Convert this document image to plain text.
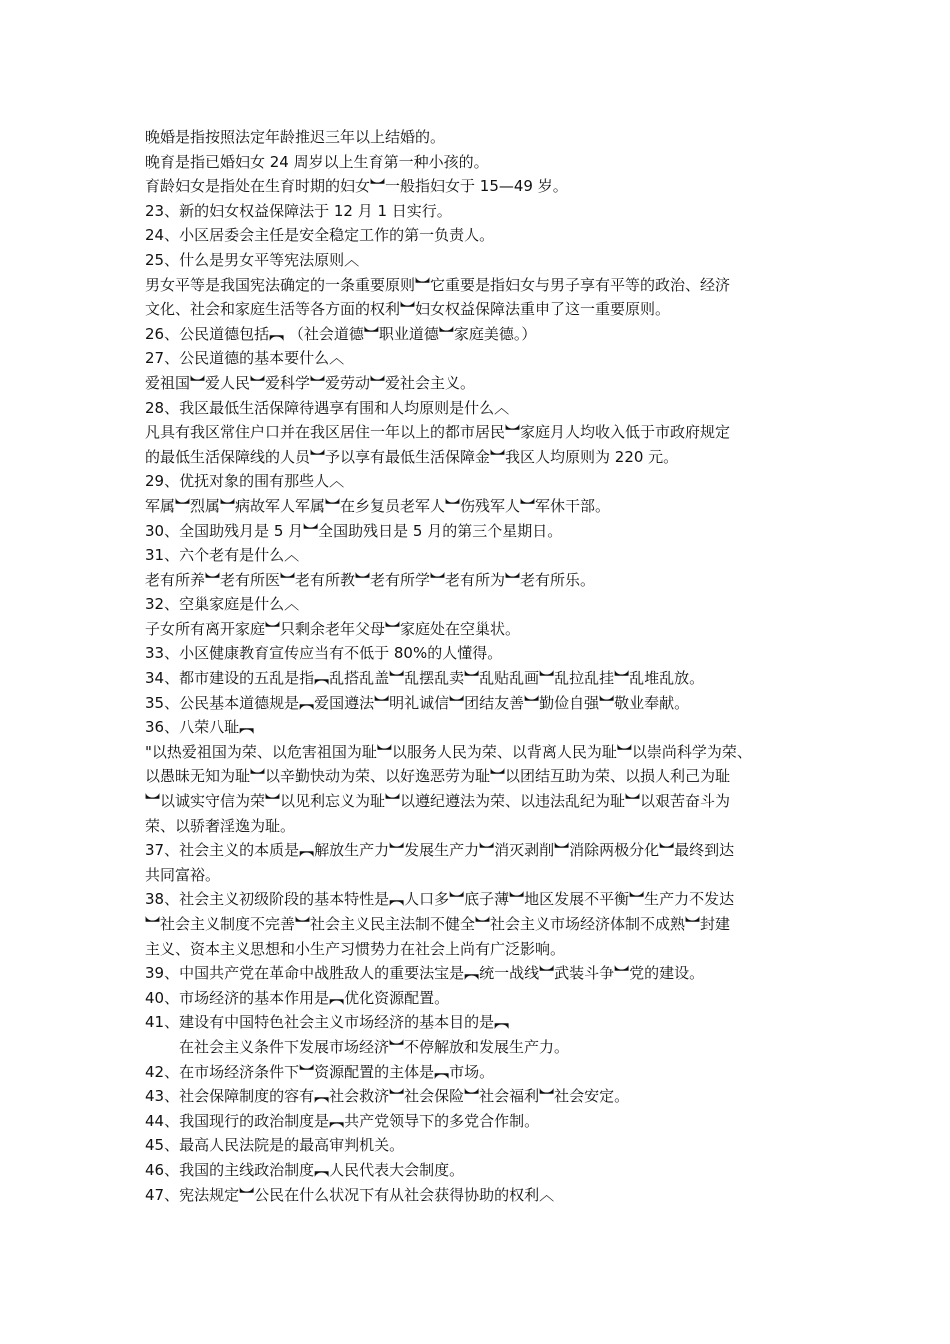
晚婚是指按照法定年龄推迟三年以上结婚的。
晚育是指已婚妇女 24 周岁以上生育第一种小孩的。
育龄妇女是指处在生育时期的妇女︼一般指妇女于 15—49 岁。
23、新的妇女权益保障法于 12 月 1 日实行。
24、小区居委会主任是安全稳定工作的第一负责人。
25、什么是男女平等宪法原则︿
男女平等是我国宪法确定的一条重要原则︼它重要是指妇女与男子享有平等的政治、经济
文化、社会和家庭生活等各方面的权利︼妇女权益保障法重申了这一重要原则。
26、公民道德包括︻ （社会道德︼职业道德︼家庭美德。）
27、公民道德的基本要什么︿
爱祖国︼爱人民︼爱科学︼爱劳动︼爱社会主义。
28、我区最低生活保障待遇享有围和人均原则是什么︿
凡具有我区常住户口并在我区居住一年以上的都市居民︼家庭月人均收入低于市政府规定
的最低生活保障线的人员︼予以享有最低生活保障金︼我区人均原则为 220 元。
29、优抚对象的围有那些人︿
军属︼烈属︼病故军人军属︼在乡复员老军人︼伤残军人︼军休干部。
30、全国助残月是 5 月︼全国助残日是 5 月的第三个星期日。
31、六个老有是什么︿
老有所养︼老有所医︼老有所教︼老有所学︼老有所为︼老有所乐。
32、空巢家庭是什么︿
子女所有离开家庭︼只剩余老年父母︼家庭处在空巢状。
33、小区健康教育宣传应当有不低于 80%的人懂得。
34、都市建设的五乱是指︻乱搭乱盖︼乱摆乱卖︼乱贴乱画︼乱拉乱挂︼乱堆乱放。
35、公民基本道德规是︻爱国遵法︼明礼诚信︼团结友善︼勤俭自强︼敬业奉献。
36、八荣八耻︻
"以热爱祖国为荣、以危害祖国为耻︼以服务人民为荣、以背离人民为耻︼以崇尚科学为荣、
以愚昧无知为耻︼以辛勤快动为荣、以好逸恶劳为耻︼以团结互助为荣、以损人利己为耻
︼以诚实守信为荣︼以见利忘义为耻︼以遵纪遵法为荣、以违法乱纪为耻︼以艰苦奋斗为
荣、以骄奢淫逸为耻。
37、社会主义的本质是︻解放生产力︼发展生产力︼消灭剥削︼消除两极分化︼最终到达
共同富裕。
38、社会主义初级阶段的基本特性是︻人口多︼底子薄︼地区发展不平衡︼生产力不发达
︼社会主义制度不完善︼社会主义民主法制不健全︼社会主义市场经济体制不成熟︼封建
主义、资本主义思想和小生产习惯势力在社会上尚有广泛影响。
39、中国共产党在革命中战胜敌人的重要法宝是︻统一战线︼武装斗争︼党的建设。
40、市场经济的基本作用是︻优化资源配置。
41、建设有中国特色社会主义市场经济的基本目的是︻
在社会主义条件下发展市场经济︼不停解放和发展生产力。
42、在市场经济条件下︼资源配置的主体是︻市场。
43、社会保障制度的容有︻社会救济︼社会保险︼社会福利︼社会安定。
44、我国现行的政治制度是︻共产党领导下的多党合作制。
45、最高人民法院是的最高审判机关。
46、我国的主线政治制度︻人民代表大会制度。
47、宪法规定︼公民在什么状况下有从社会获得协助的权利︿
